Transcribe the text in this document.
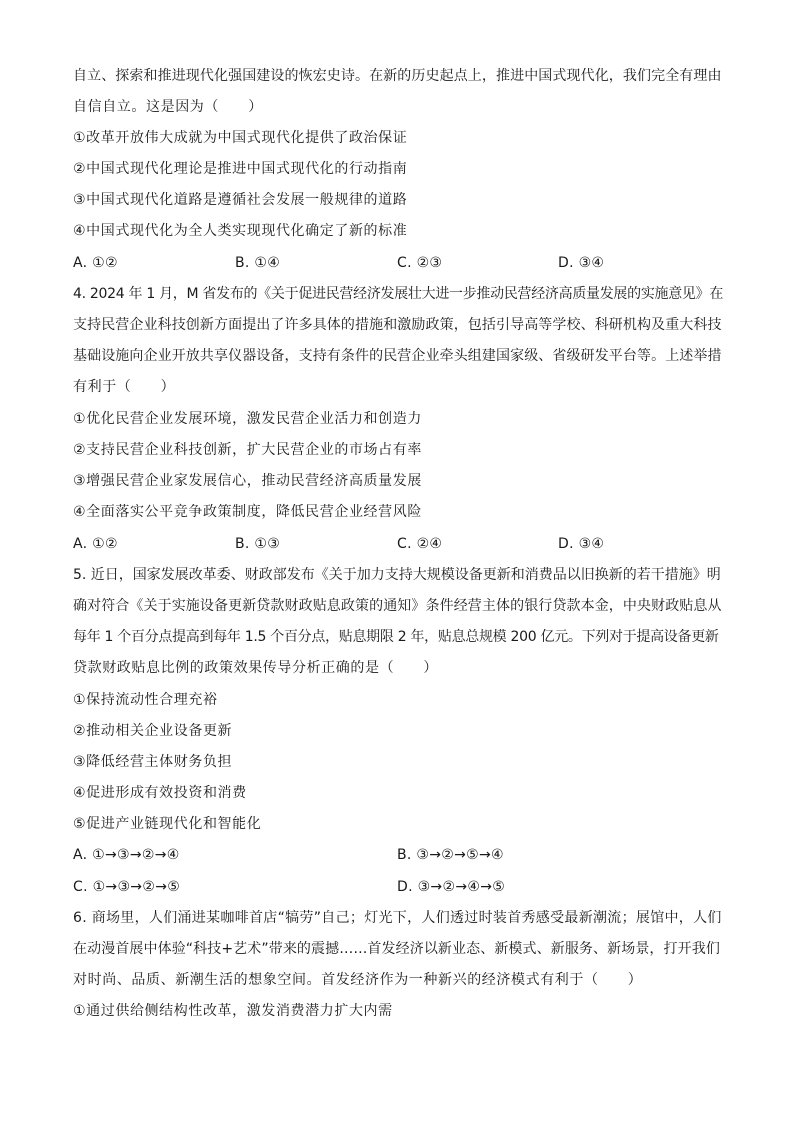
自立、探索和推进现代化强国建设的恢宏史诗。在新的历史起点上，推进中国式现代化，我们完全有理由
自信自立。这是因为（　　）
①改革开放伟大成就为中国式现代化提供了政治保证
②中国式现代化理论是推进中国式现代化的行动指南
③中国式现代化道路是遵循社会发展一般规律的道路
④中国式现代化为全人类实现现代化确定了新的标准
A. ①②	B. ①④	C. ②③	D. ③④
4. 2024 年 1 月，M 省发布的《关于促进民营经济发展壮大进一步推动民营经济高质量发展的实施意见》在
支持民营企业科技创新方面提出了许多具体的措施和激励政策，包括引导高等学校、科研机构及重大科技
基础设施向企业开放共享仪器设备，支持有条件的民营企业牵头组建国家级、省级研发平台等。上述举措
有利于（　　）
①优化民营企业发展环境，激发民营企业活力和创造力
②支持民营企业科技创新，扩大民营企业的市场占有率
③增强民营企业家发展信心，推动民营经济高质量发展
④全面落实公平竞争政策制度，降低民营企业经营风险
A. ①②	B. ①③	C. ②④	D. ③④
5. 近日，国家发展改革委、财政部发布《关于加力支持大规模设备更新和消费品以旧换新的若干措施》明
确对符合《关于实施设备更新贷款财政贴息政策的通知》条件经营主体的银行贷款本金，中央财政贴息从
每年 1 个百分点提高到每年 1.5 个百分点，贴息期限 2 年，贴息总规模 200 亿元。下列对于提高设备更新
贷款财政贴息比例的政策效果传导分析正确的是（　　）
①保持流动性合理充裕
②推动相关企业设备更新
③降低经营主体财务负担
④促进形成有效投资和消费
⑤促进产业链现代化和智能化
A. ①→③→②→④	B. ③→②→⑤→④
C. ①→③→②→⑤	D. ③→②→④→⑤
6. 商场里，人们涌进某咖啡首店“犒劳”自己；灯光下，人们透过时装首秀感受最新潮流；展馆中，人们
在动漫首展中体验“科技+艺术”带来的震撼……首发经济以新业态、新模式、新服务、新场景，打开我们
对时尚、品质、新潮生活的想象空间。首发经济作为一种新兴的经济模式有利于（　　）
①通过供给侧结构性改革，激发消费潜力扩大内需
